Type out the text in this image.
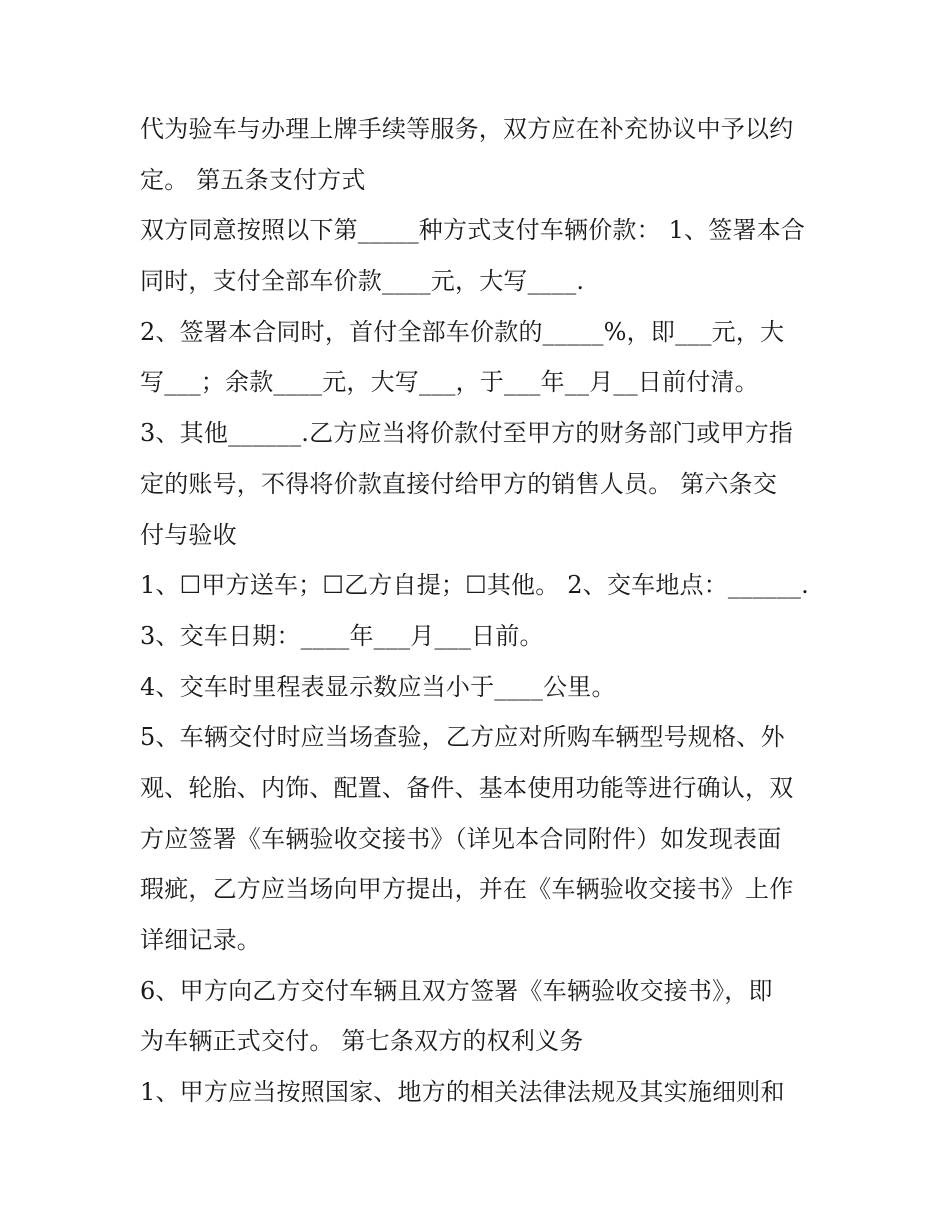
代为验车与办理上牌手续等服务，双方应在补充协议中予以约
定。 第五条支付方式
双方同意按照以下第_____种方式支付车辆价款： 1、签署本合
同时，支付全部车价款____元，大写____.
2、签署本合同时，首付全部车价款的_____%，即___元，大
写___；余款____元，大写___，于___年__月__日前付清。
3、其他______.乙方应当将价款付至甲方的财务部门或甲方指
定的账号，不得将价款直接付给甲方的销售人员。 第六条交
付与验收
1、☐甲方送车；☐乙方自提；☐其他。 2、交车地点：______.
3、交车日期：____年___月___日前。
4、交车时里程表显示数应当小于____公里。
5、车辆交付时应当场查验，乙方应对所购车辆型号规格、外
观、轮胎、内饰、配置、备件、基本使用功能等进行确认，双
方应签署《车辆验收交接书》（详见本合同附件）如发现表面
瑕疵，乙方应当场向甲方提出，并在《车辆验收交接书》上作
详细记录。
6、甲方向乙方交付车辆且双方签署《车辆验收交接书》，即
为车辆正式交付。 第七条双方的权利义务
1、甲方应当按照国家、地方的相关法律法规及其实施细则和
